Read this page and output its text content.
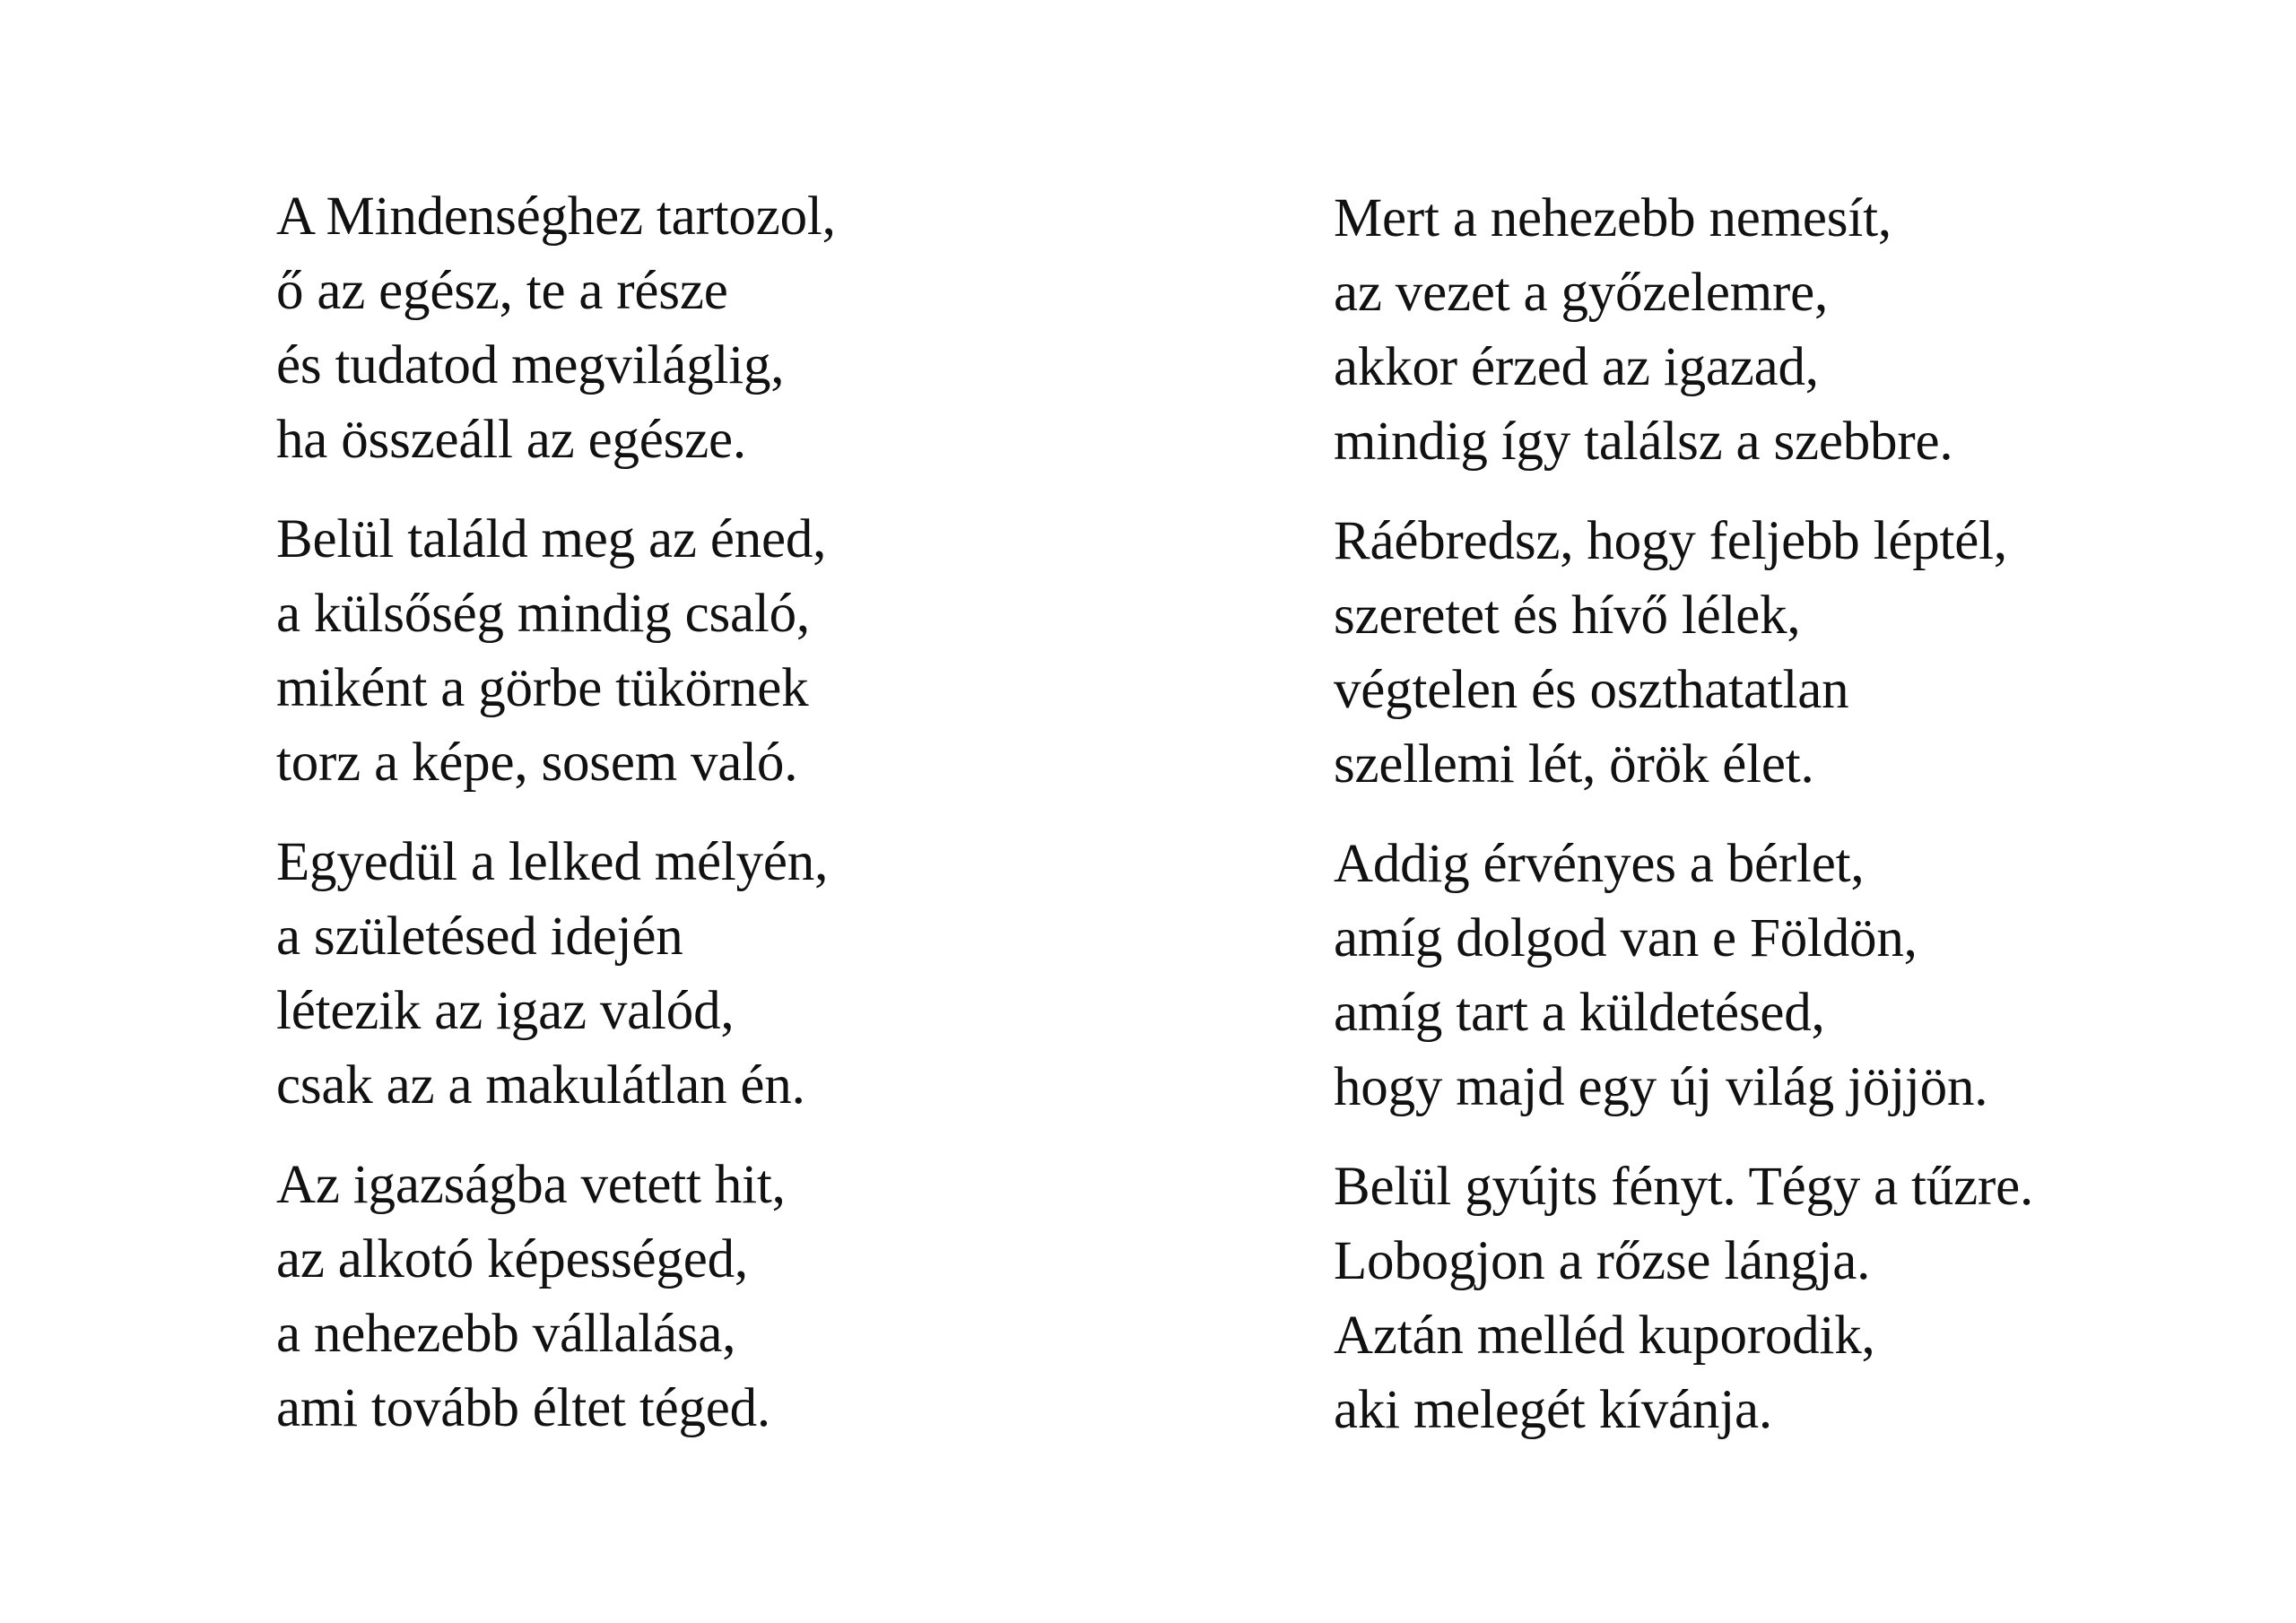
A Mindenséghez tartozol,
ő az egész, te a része
és tudatod megviláglig,
ha összeáll az egésze.
Belül találd meg az éned,
a külsőség mindig csaló,
miként a görbe tükörnek
torz a képe, sosem való.
Egyedül a lelked mélyén,
a születésed idején
létezik az igaz valód,
csak az a makulátlan én.
Az igazságba vetett hit,
az alkotó képességed,
a nehezebb vállalása,
ami tovább éltet téged.
Mert a nehezebb nemesít,
az vezet a győzelemre,
akkor érzed az igazad,
mindig így találsz a szebbre.
Ráébredsz, hogy feljebb léptél,
szeretet és hívő lélek,
végtelen és oszthatatlan
szellemi lét, örök élet.
Addig érvényes a bérlet,
amíg dolgod van e Földön,
amíg tart a küldetésed,
hogy majd egy új világ jöjjön.
Belül gyújts fényt. Tégy a tűzre.
Lobogjon a rőzse lángja.
Aztán melléd kuporodik,
aki melegét kívánja.
